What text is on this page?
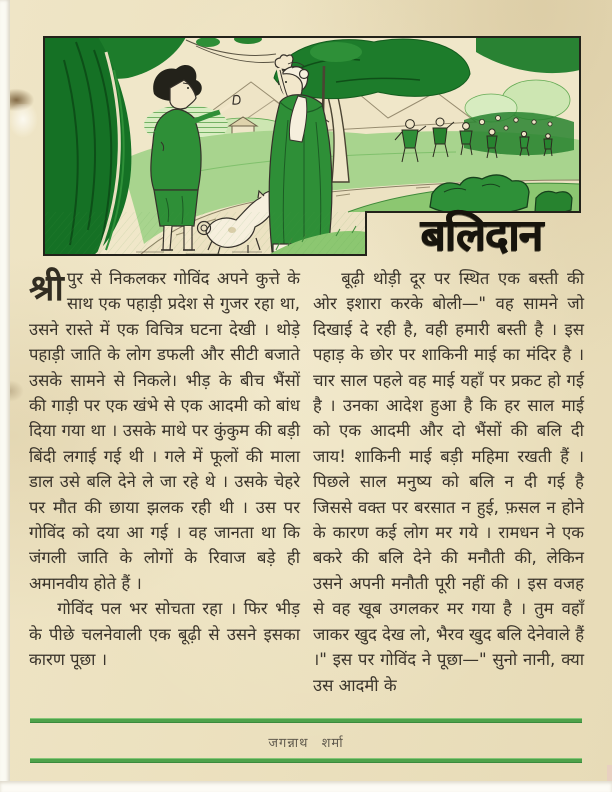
बलिदान

श्री पुर से निकलकर गोविंद अपने कुत्ते के साथ एक पहाड़ी प्रदेश से गुजर रहा था, उसने रास्ते में एक विचित्र घटना देखी । थोड़े पहाड़ी जाति के लोग डफली और सीटी बजाते उसके सामने से निकले। भीड़ के बीच भैंसों की गाड़ी पर एक खंभे से एक आदमी को बांध दिया गया था । उसके माथे पर कुंकुम की बड़ी बिंदी लगाई गई थी । गले में फूलों की माला डाल उसे बलि देने ले जा रहे थे । उसके चेहरे पर मौत की छाया झलक रही थी । उस पर गोविंद को दया आ गई । वह जानता था कि जंगली जाति के लोगों के रिवाज बड़े ही अमानवीय होते हैं ।

गोविंद पल भर सोचता रहा । फिर भीड़ के पीछे चलनेवाली एक बूढ़ी से उसने इसका कारण पूछा ।

बूढ़ी थोड़ी दूर पर स्थित एक बस्ती की ओर इशारा करके बोली—" वह सामने जो दिखाई दे रही है, वही हमारी बस्ती है । इस पहाड़ के छोर पर शाकिनी माई का मंदिर है । चार साल पहले वह माई यहाँ पर प्रकट हो गई है । उनका आदेश हुआ है कि हर साल माई को एक आदमी और दो भैंसों की बलि दी जाय! शाकिनी माई बड़ी महिमा रखती हैं । पिछले साल मनुष्य को बलि न दी गई है जिससे वक्त पर बरसात न हुई, फ़सल न होने के कारण कई लोग मर गये । रामधन ने एक बकरे की बलि देने की मनौती की, लेकिन उसने अपनी मनौती पूरी नहीं की । इस वजह से वह खूब उगलकर मर गया है । तुम वहाँ जाकर खुद देख लो, भैरव खुद बलि देनेवाले हैं ।" इस पर गोविंद ने पूछा—" सुनो नानी, क्या उस आदमी के

जगन्नाथ शर्मा
